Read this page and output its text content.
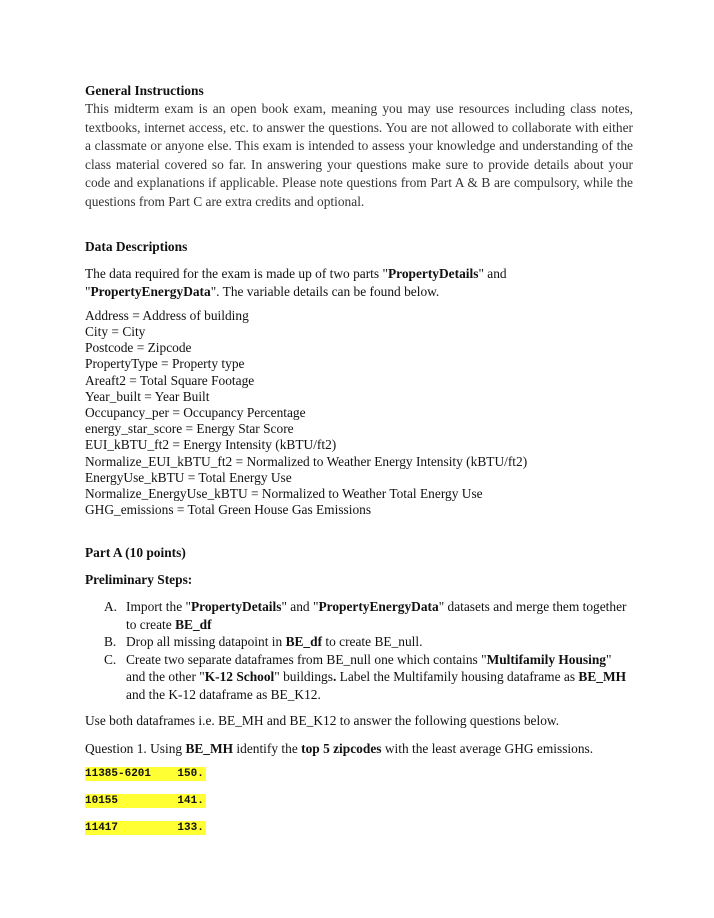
General Instructions
This midterm exam is an open book exam, meaning you may use resources including class notes, textbooks, internet access, etc. to answer the questions. You are not allowed to collaborate with either a classmate or anyone else. This exam is intended to assess your knowledge and understanding of the class material covered so far. In answering your questions make sure to provide details about your code and explanations if applicable. Please note questions from Part A & B are compulsory, while the questions from Part C are extra credits and optional.
Data Descriptions
The data required for the exam is made up of two parts "PropertyDetails" and "PropertyEnergyData". The variable details can be found below.
Address = Address of building
City = City
Postcode = Zipcode
PropertyType = Property type
Areaft2 = Total Square Footage
Year_built = Year Built
Occupancy_per = Occupancy Percentage
energy_star_score = Energy Star Score
EUI_kBTU_ft2 = Energy Intensity (kBTU/ft2)
Normalize_EUI_kBTU_ft2 = Normalized to Weather Energy Intensity (kBTU/ft2)
EnergyUse_kBTU = Total Energy Use
Normalize_EnergyUse_kBTU = Normalized to Weather Total Energy Use
GHG_emissions = Total Green House Gas Emissions
Part A (10 points)
Preliminary Steps:
A. Import the "PropertyDetails" and "PropertyEnergyData" datasets and merge them together to create BE_df
B. Drop all missing datapoint in BE_df to create BE_null.
C. Create two separate dataframes from BE_null one which contains "Multifamily Housing" and the other "K-12 School" buildings. Label the Multifamily housing dataframe as BE_MH and the K-12 dataframe as BE_K12.
Use both dataframes i.e. BE_MH and BE_K12 to answer the following questions below.
Question 1. Using BE_MH identify the top 5 zipcodes with the least average GHG emissions.
11385-6201    150.
10155         141.
11417         133.
